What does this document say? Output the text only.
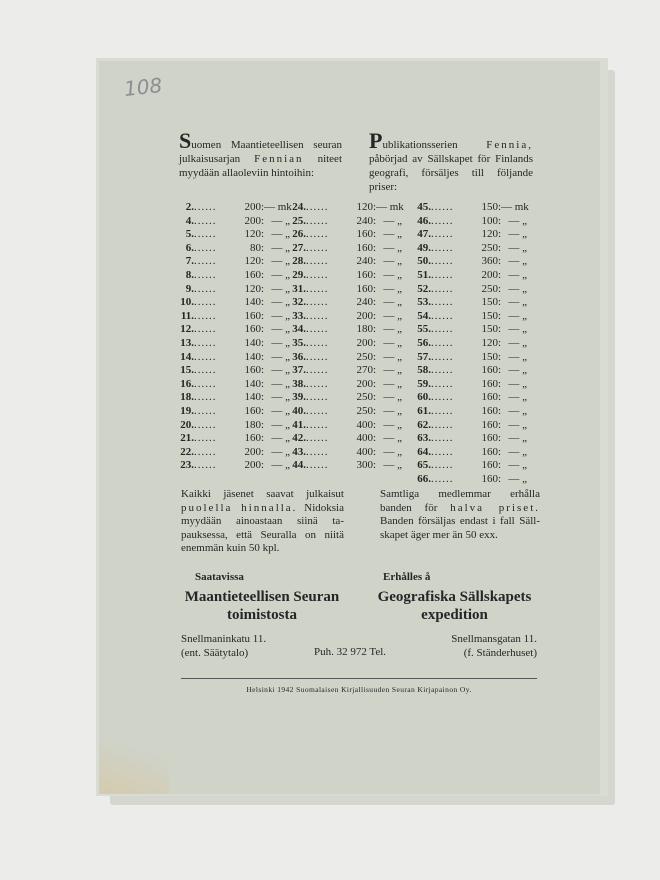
108
Suomen Maantieteellisen seuran julkaisusarjan Fennian niteet myydään allaoleviin hintoihin:
Publikationsserien Fennia, påbörjad av Sällskapet för Finlands geografi, försäljes till följande priser:
2.......	200:— mk
4.......	200: — „
5.......	120: — „
6.......	80: — „
7.......	120: — „
8.......	160: — „
9.......	120: — „
10.......	140: — „
11.......	160: — „
12.......	160: — „
13.......	140: — „
14.......	140: — „
15.......	160: — „
16.......	140: — „
18.......	140: — „
19.......	160: — „
20.......	180: — „
21.......	160: — „
22.......	200: — „
23.......	200: — „
24.......	120:— mk
25.......	240: — „
26.......	160: — „
27.......	160: — „
28.......	240: — „
29.......	160: — „
31.......	160: — „
32.......	240: — „
33.......	200: — „
34.......	180: — „
35.......	200: — „
36.......	250: — „
37.......	270: — „
38.......	200: — „
39.......	250: — „
40.......	250: — „
41.......	400: — „
42.......	400: — „
43.......	400: — „
44.......	300: — „
45.......	150:— mk
46.......	100: — „
47.......	120: — „
49.......	250: — „
50.......	360: — „
51.......	200: — „
52.......	250: — „
53.......	150: — „
54.......	150: — „
55.......	150: — „
56.......	120: — „
57.......	150: — „
58.......	160: — „
59.......	160: — „
60.......	160: — „
61.......	160: — „
62.......	160: — „
63.......	160: — „
64.......	160: — „
65.......	160: — „
66.......	160: — „
Kaikki jäsenet saavat julkaisut puolella hinnalla. Nidoksia myydään ainoastaan siinä tapauksessa, että Seuralla on niitä enemmän kuin 50 kpl.
Samtliga medlemmar erhålla banden för halva priset. Banden försäljas endast i fall Sällskapet äger mer än 50 exx.
Saatavissa	Erhålles å
Maantieteellisen Seuran
toimistosta
Geografiska Sällskapets
expedition
Snellmaninkatu 11.
(ent. Säätytalo)	Puh. 32 972 Tel.
Snellmansgatan 11.
(f. Ständerhuset)
Helsinki 1942 Suomalaisen Kirjallisuuden Seuran Kirjapainon Oy.
